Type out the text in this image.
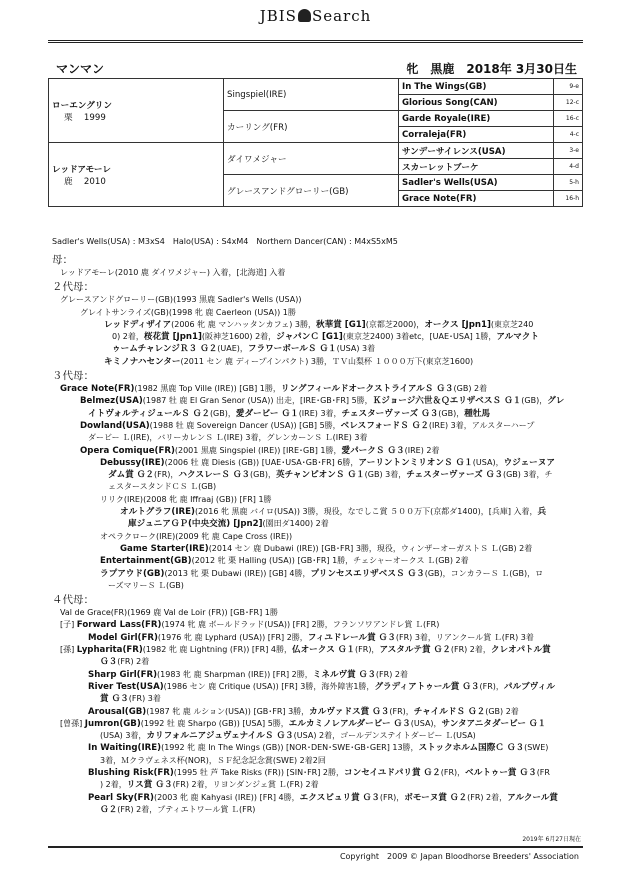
JBIS Search
マンマン	牝　黒鹿　2018年 3月30日生
ローエングリン
栗　 1999	Singspiel(IRE)	In The Wings(GB)	9-e
		Glorious Song(CAN)	12-c
	カーリング(FR)	Garde Royale(IRE)	16-c
		Corraleja(FR)	4-c

レッドアモーレ
鹿　 2010	ダイワメジャー	サンデーサイレンス(USA)	3-e
		スカーレットブーケ	4-d
	グレースアンドグローリー(GB)	Sadler's Wells(USA)	5-h
		Grace Note(FR)	16-h
Sadler's Wells(USA) : M3xS4　Halo(USA) : S4xM4　Northern Dancer(CAN) : M4xS5xM5
母：
レッドアモーレ(2010 鹿 ダイワメジャー) 入着，[北海道] 入着
２代母：
グレースアンドグローリー(GB)(1993 黒鹿 Sadler's Wells (USA))
グレイトサンライズ(GB)(1998 牝 鹿 Caerleon (USA)) 1勝
レッドディザイア(2006 牝 鹿 マンハッタンカフェ) 3勝，秋華賞 [G1](京都芝2000)，オークス [Jpn1](東京芝240
0) 2着，桜花賞 [Jpn1](阪神芝1600) 2着，ジャパンＣ [G1](東京芝2400) 3着etc，[UAE･USA] 1勝，アルマクト
ゥームチャレンジＲ３ Ｇ２(UAE)，フラワーボールＳ Ｇ１(USA) 3着
キミノナハセンター(2011 セン 鹿 ディープインパクト) 3勝，ＴＶ山梨杯 １０００万下(東京芝1600)
３代母：
Grace Note(FR)(1982 黒鹿 Top Ville (IRE)) [GB] 1勝，リングフィールドオークストライアルＳ Ｇ３(GB) 2着
Belmez(USA)(1987 牡 鹿 El Gran Senor (USA)) 出走，[IRE･GB･FR] 5勝，Ｋジョージ六世＆ＱエリザベスＳ Ｇ１(GB)，グレ
イトヴォルティジュールＳ Ｇ２(GB)，愛ダービー Ｇ１(IRE) 3着，チェスターヴァーズ Ｇ３(GB)，種牡馬
Dowland(USA)(1988 牡 鹿 Sovereign Dancer (USA)) [GB] 5勝，ベレスフォードＳ Ｇ２(IRE) 3着，アルスターハープ
ダービー Ｌ(IRE)，バリーカレンＳ Ｌ(IRE) 3着，グレンカーンＳ Ｌ(IRE) 3着
Opera Comique(FR)(2001 黒鹿 Singspiel (IRE)) [IRE･GB] 1勝，愛パークＳ Ｇ３(IRE) 2着
Debussy(IRE)(2006 牡 鹿 Diesis (GB)) [UAE･USA･GB･FR] 6勝，アーリントンミリオンＳ Ｇ１(USA)，ウジェーヌア
ダム賞 Ｇ２(FR)，ハクスレーＳ Ｇ３(GB)，英チャンピオンＳ Ｇ１(GB) 3着，チェスターヴァーズ Ｇ３(GB) 3着，チ
ェスタースタンドＣＳ Ｌ(GB)
リリク(IRE)(2008 牝 鹿 Iffraaj (GB)) [FR] 1勝
オルトグラフ(IRE)(2016 牝 黒鹿 バイロ(USA)) 3勝，現役，なでしこ賞 ５００万下(京都ダ1400)，[兵庫] 入着，兵
庫ジュニアＧＰ(中央交流) [Jpn2](園田ダ1400) 2着
オペラクローク(IRE)(2009 牝 鹿 Cape Cross (IRE))
Game Starter(IRE)(2014 セン 鹿 Dubawi (IRE)) [GB･FR] 3勝，現役，ウィンザーオーガストＳ Ｌ(GB) 2着
Entertainment(GB)(2012 牝 栗 Halling (USA)) [GB･FR] 1勝，チェシャーオークス Ｌ(GB) 2着
ラプアウド(GB)(2013 牝 栗 Dubawi (IRE)) [GB] 4勝，プリンセスエリザベスＳ Ｇ３(GB)，コンカラーＳ Ｌ(GB)，ロ
ーズマリーＳ Ｌ(GB)
４代母：
Val de Grace(FR)(1969 鹿 Val de Loir (FR)) [GB･FR] 1勝
[子] Forward Lass(FR)(1974 牝 鹿 ボールドラッド(USA)) [FR] 2勝，フランソワアンドレ賞 Ｌ(FR)
Model Girl(FR)(1976 牝 鹿 Lyphard (USA)) [FR] 2勝，フィユドレール賞 Ｇ３(FR) 3着，リアンクール賞 Ｌ(FR) 3着
[孫] Lypharita(FR)(1982 牝 鹿 Lightning (FR)) [FR] 4勝，仏オークス Ｇ１(FR)，アスタルテ賞 Ｇ２(FR) 2着，クレオパトル賞
Ｇ３(FR) 2着
Sharp Girl(FR)(1983 牝 鹿 Sharpman (IRE)) [FR] 2勝，ミネルヴ賞 Ｇ３(FR) 2着
River Test(USA)(1986 セン 鹿 Critique (USA)) [FR] 3勝，海外障害1勝，グラディアトゥール賞 Ｇ３(FR)，パルブヴィル
賞 Ｇ３(FR) 3着
Arousal(GB)(1987 牝 鹿 ルション(USA)) [GB･FR] 3勝，カルヴァドス賞 Ｇ３(FR)，チャイルドＳ Ｇ２(GB) 2着
[曽孫] Jumron(GB)(1992 牡 鹿 Sharpo (GB)) [USA] 5勝，エルカミノレアルダービー Ｇ３(USA)，サンタアニタダービー Ｇ１
(USA) 3着，カリフォルニアジュヴェナイルＳ Ｇ３(USA) 2着，ゴールデンステイトダービー Ｌ(USA)
In Waiting(IRE)(1992 牝 鹿 In The Wings (GB)) [NOR･DEN･SWE･GB･GER] 13勝，ストックホルム国際Ｃ Ｇ３(SWE)
3着，Ｍクラヴェネス杯(NOR)，ＳＦ紀念記念賞(SWE) 2着2回
Blushing Risk(FR)(1995 牡 芦 Take Risks (FR)) [SIN･FR] 2勝，コンセイユドパリ賞 Ｇ２(FR)，ベルトゥー賞 Ｇ３(FR
) 2着，リス賞 Ｇ３(FR) 2着，リヨンダンジェ賞 Ｌ(FR) 2着
Pearl Sky(FR)(2003 牝 鹿 Kahyasi (IRE)) [FR] 4勝，エクスビュリ賞 Ｇ３(FR)，ボモーヌ賞 Ｇ２(FR) 2着，アルクール賞
Ｇ２(FR) 2着，プティエトワール賞 Ｌ(FR)
2019年 6月27日現在
Copyright　2009 © Japan Bloodhorse Breeders' Association
